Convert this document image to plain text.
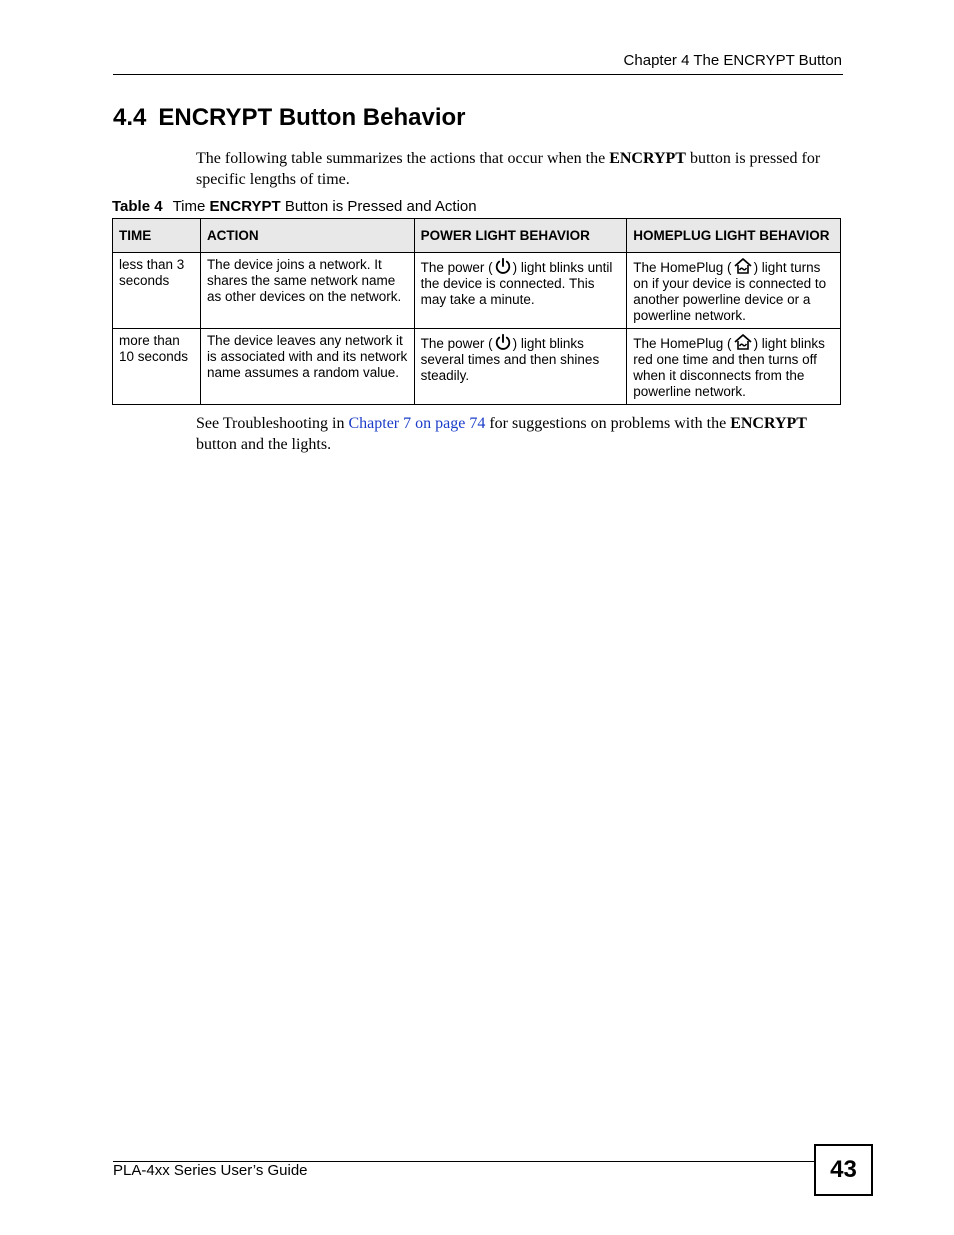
Chapter 4 The ENCRYPT Button
4.4 ENCRYPT Button Behavior

The following table summarizes the actions that occur when the ENCRYPT button is pressed for specific lengths of time.

Table 4 Time ENCRYPT Button is Pressed and Action
TIME	ACTION	POWER LIGHT BEHAVIOR	HOMEPLUG LIGHT BEHAVIOR
less than 3 seconds	The device joins a network. It shares the same network name as other devices on the network.	The power ( ) light blinks until the device is connected. This may take a minute.	The HomePlug ( ) light turns on if your device is connected to another powerline device or a powerline network.
more than 10 seconds	The device leaves any network it is associated with and its network name assumes a random value.	The power ( ) light blinks several times and then shines steadily.	The HomePlug ( ) light blinks red one time and then turns off when it disconnects from the powerline network.

See Troubleshooting in Chapter 7 on page 74 for suggestions on problems with the ENCRYPT button and the lights.

PLA-4xx Series User’s Guide	43
